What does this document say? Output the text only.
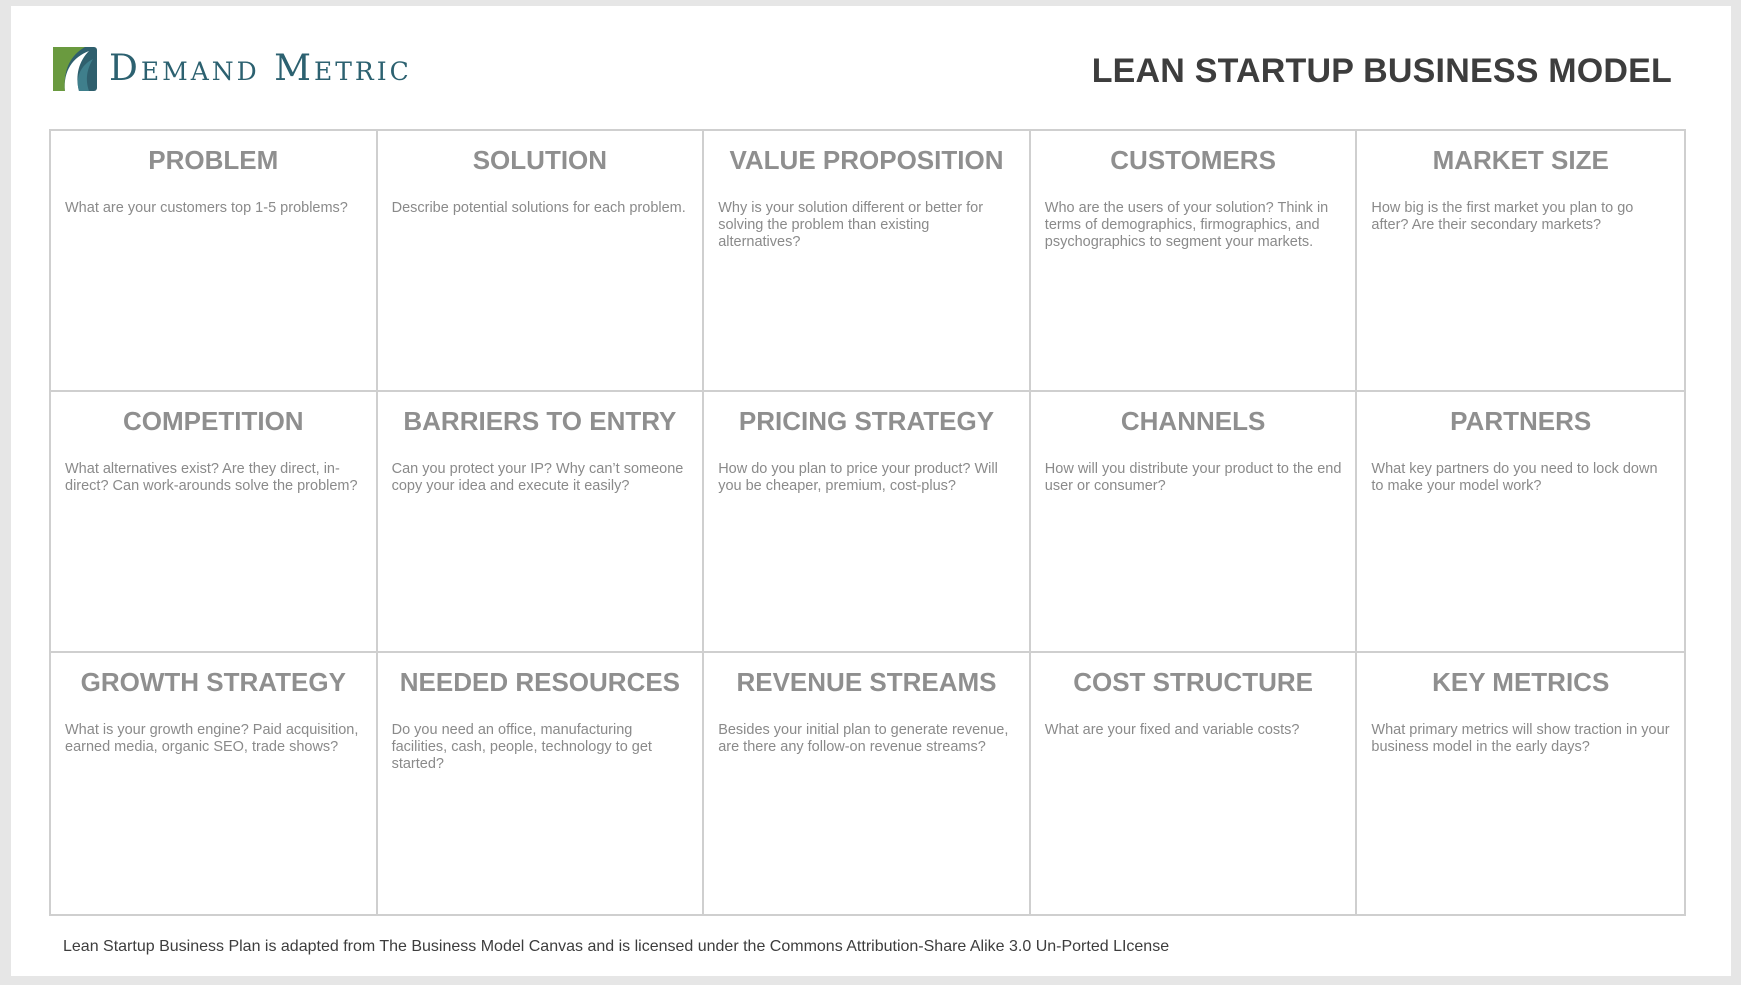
Demand Metric	LEAN STARTUP BUSINESS MODEL
PROBLEM

What are your customers top 1-5 problems?

SOLUTION

Describe potential solutions for each problem.

VALUE PROPOSITION

Why is your solution different or better for solving the problem than existing alternatives?

CUSTOMERS

Who are the users of your solution? Think in terms of demographics, firmographics, and psychographics to segment your markets.

MARKET SIZE

How big is the first market you plan to go after? Are their secondary markets?

COMPETITION

What alternatives exist? Are they direct, in-direct? Can work-arounds solve the problem?

BARRIERS TO ENTRY

Can you protect your IP? Why can’t someone copy your idea and execute it easily?

PRICING STRATEGY

How do you plan to price your product? Will you be cheaper, premium, cost-plus?

CHANNELS

How will you distribute your product to the end user or consumer?

PARTNERS

What key partners do you need to lock down to make your model work?

GROWTH STRATEGY

What is your growth engine? Paid acquisition, earned media, organic SEO, trade shows?

NEEDED RESOURCES

Do you need an office, manufacturing facilities, cash, people, technology to get started?

REVENUE STREAMS

Besides your initial plan to generate revenue, are there any follow-on revenue streams?

COST STRUCTURE

What are your fixed and variable costs?

KEY METRICS

What primary metrics will show traction in your business model in the early days?

Lean Startup Business Plan is adapted from The Business Model Canvas and is licensed under the Commons Attribution-Share Alike 3.0 Un-Ported LIcense
